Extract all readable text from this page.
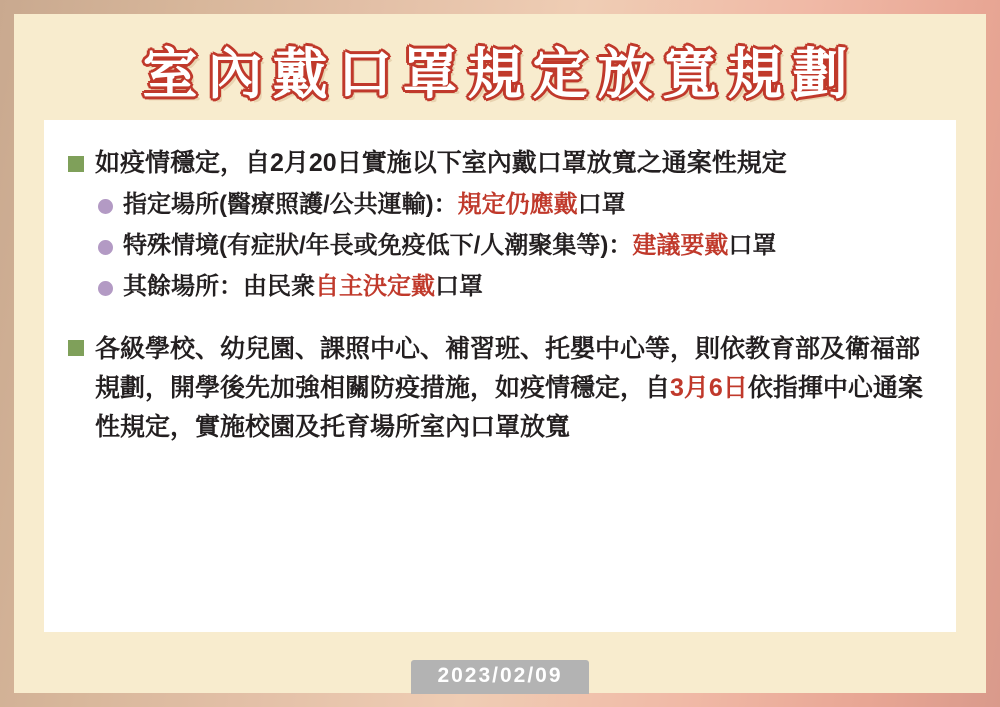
室內戴口罩規定放寬規劃
如疫情穩定，自2月20日實施以下室內戴口罩放寬之通案性規定
指定場所(醫療照護/公共運輸)：規定仍應戴口罩
特殊情境(有症狀/年長或免疫低下/人潮聚集等)：建議要戴口罩
其餘場所：由民衆自主決定戴口罩
各級學校、幼兒園、課照中心、補習班、托嬰中心等，則依教育部及衛福部規劃，開學後先加強相關防疫措施，如疫情穩定，自3月6日依指揮中心通案性規定，實施校園及托育場所室內口罩放寬
2023/02/09
